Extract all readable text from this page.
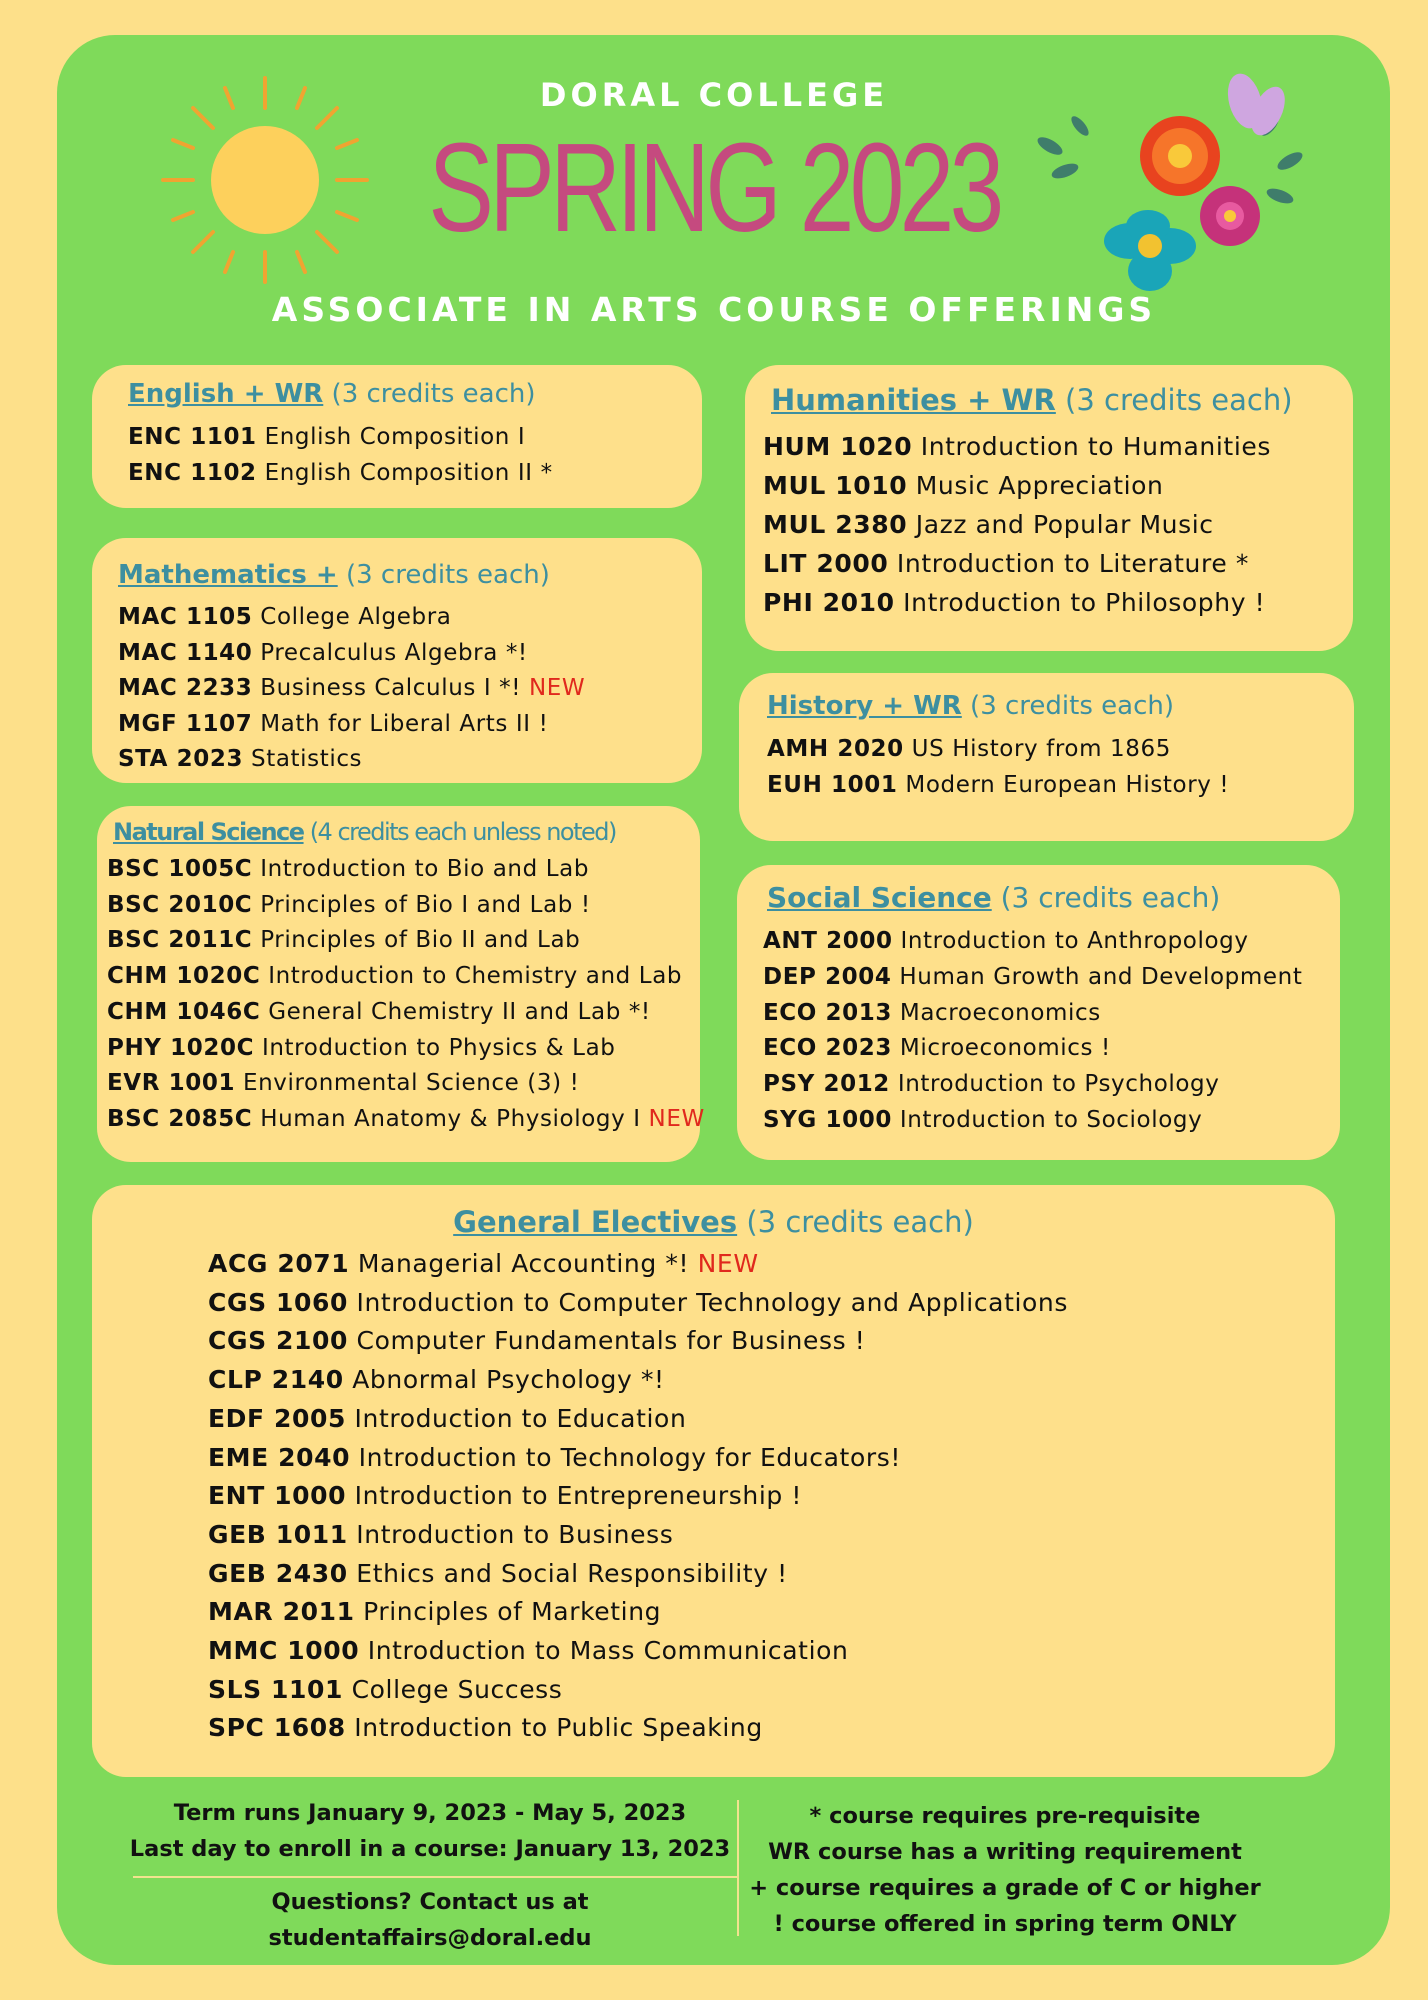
DORAL COLLEGE
SPRING 2023
ASSOCIATE IN ARTS COURSE OFFERINGS
English + WR (3 credits each)
ENC 1101 English Composition I
ENC 1102 English Composition II *
Mathematics + (3 credits each)
MAC 1105 College Algebra
MAC 1140 Precalculus Algebra *!
MAC 2233 Business Calculus I *! NEW
MGF 1107 Math for Liberal Arts II !
STA 2023 Statistics
Natural Science (4 credits each unless noted)
BSC 1005C Introduction to Bio and Lab
BSC 2010C Principles of Bio I and Lab !
BSC 2011C Principles of Bio II and Lab
CHM 1020C Introduction to Chemistry and Lab
CHM 1046C General Chemistry II and Lab *!
PHY 1020C Introduction to Physics & Lab
EVR 1001 Environmental Science (3) !
BSC 2085C Human Anatomy & Physiology I NEW
Humanities + WR (3 credits each)
HUM 1020 Introduction to Humanities
MUL 1010 Music Appreciation
MUL 2380 Jazz and Popular Music
LIT 2000 Introduction to Literature *
PHI 2010 Introduction to Philosophy !
History + WR (3 credits each)
AMH 2020 US History from 1865
EUH 1001 Modern European History !
Social Science (3 credits each)
ANT 2000 Introduction to Anthropology
DEP 2004 Human Growth and Development
ECO 2013 Macroeconomics
ECO 2023 Microeconomics !
PSY 2012 Introduction to Psychology
SYG 1000 Introduction to Sociology
General Electives (3 credits each)
ACG 2071 Managerial Accounting *! NEW
CGS 1060 Introduction to Computer Technology and Applications
CGS 2100 Computer Fundamentals for Business !
CLP 2140 Abnormal Psychology *!
EDF 2005 Introduction to Education
EME 2040 Introduction to Technology for Educators!
ENT 1000 Introduction to Entrepreneurship !
GEB 1011 Introduction to Business
GEB 2430 Ethics and Social Responsibility !
MAR 2011 Principles of Marketing
MMC 1000 Introduction to Mass Communication
SLS 1101 College Success
SPC 1608 Introduction to Public Speaking
Term runs January 9, 2023 - May 5, 2023
Last day to enroll in a course: January 13, 2023
Questions? Contact us at
studentaffairs@doral.edu
* course requires pre-requisite
WR course has a writing requirement
+ course requires a grade of C or higher
! course offered in spring term ONLY
